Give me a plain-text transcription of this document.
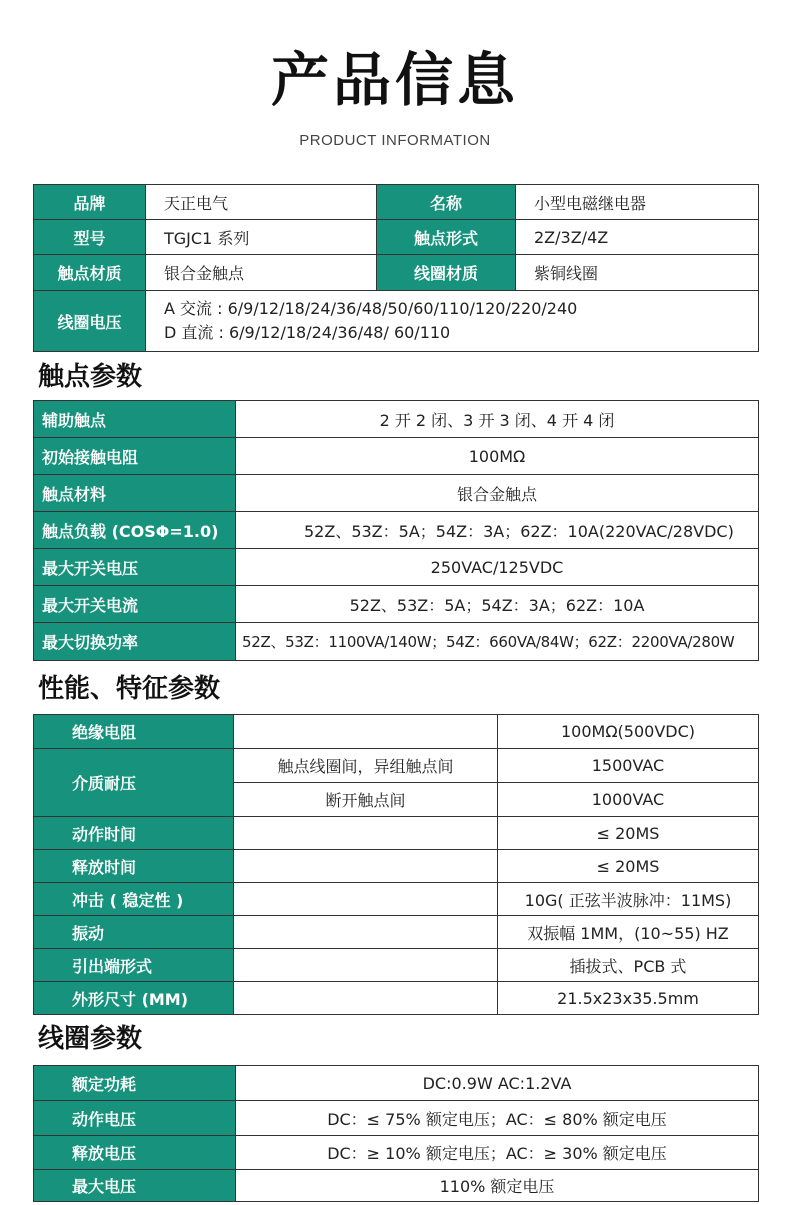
产品信息
PRODUCT INFORMATION
品牌	天正电气	名称	小型电磁继电器
型号	TGJC1 系列	触点形式	2Z/3Z/4Z
触点材质	银合金触点	线圈材质	紫铜线圈
线圈电压	A 交流 : 6/9/12/18/24/36/48/50/60/110/120/220/240
D 直流 : 6/9/12/18/24/36/48/ 60/110		
触点参数
辅助触点	2 开 2 闭、3 开 3 闭、4 开 4 闭
初始接触电阻	100MΩ
触点材料	银合金触点
触点负载 (COSΦ=1.0)	52Z、53Z：5A；54Z：3A；62Z：10A(220VAC/28VDC)
最大开关电压	250VAC/125VDC
最大开关电流	52Z、53Z：5A；54Z：3A；62Z：10A
最大切换功率	52Z、53Z：1100VA/140W；54Z：660VA/84W；62Z：2200VA/280W
性能、特征参数
绝缘电阻		100MΩ(500VDC)
介质耐压	触点线圈间，异组触点间	1500VAC
	断开触点间	1000VAC
动作时间		≤ 20MS
释放时间		≤ 20MS
冲击 ( 稳定性 )		10G( 正弦半波脉冲：11MS)
振动		双振幅 1MM，(10~55) HZ
引出端形式		插拔式、PCB 式
外形尺寸 (MM)		21.5x23x35.5mm
线圈参数
额定功耗	DC:0.9W AC:1.2VA
动作电压	DC：≤ 75% 额定电压；AC：≤ 80% 额定电压
释放电压	DC：≥ 10% 额定电压；AC：≥ 30% 额定电压
最大电压	110% 额定电压
